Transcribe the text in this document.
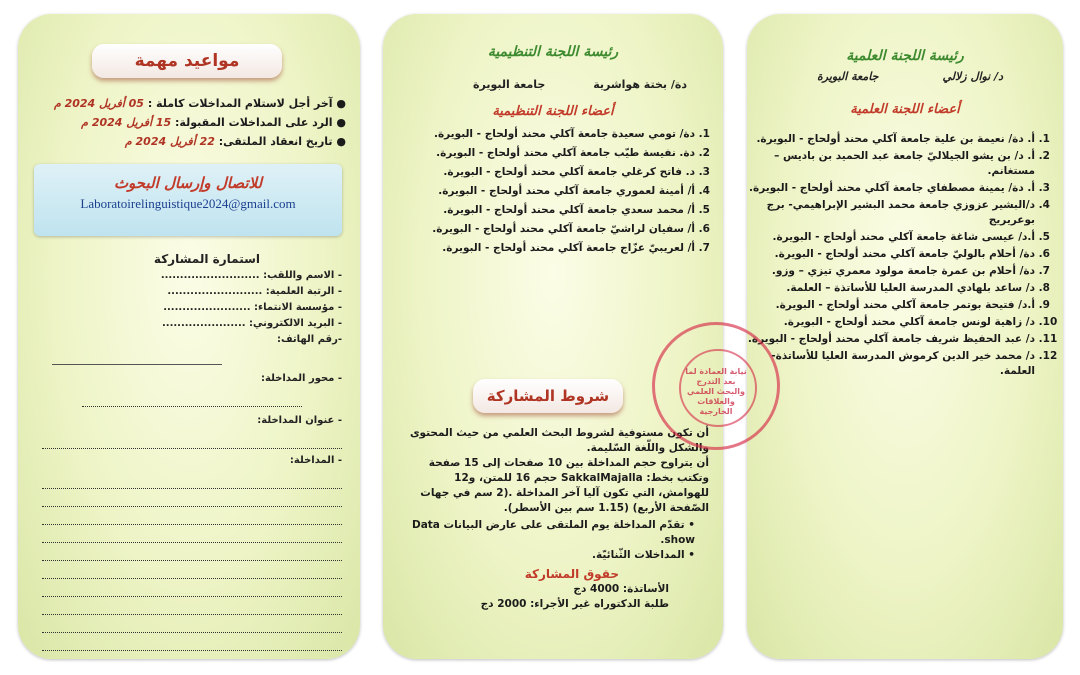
مواعيد مهمة
● آخر أجل لاستلام المداخلات كاملة : 05 أفريل 2024 م
● الرد على المداخلات المقبولة: 15 أفريل 2024 م
● تاريخ انعقاد الملتقى: 22 أفريل 2024 م
للاتصال وإرسال البحوث
Laboratoirelinguistique2024@gmail.com
استمارة المشاركة
- الاسم واللقب: ..........................
- الرتبة العلمية: .........................
- مؤسسة الانتماء: .......................
- البريد الالكتروني: ......................
-رقم الهاتف:
- محور المداخلة:
- عنوان المداخلة:
- المداخلة:
رئيسة اللجنة التنظيمية
دة/ بختة هواشرية
جامعة البويرة
أعضاء اللجنة التنظيمية
1. دة/ تومي سعيدة جامعة آكلي محند أولحاج - البويرة.
2. دة. نفيسة طيّب جامعة آكلي محند أولحاج - البويرة.
3. د. فاتح كرغلي جامعة آكلي محند أولحاج - البويرة.
4. أ/ أمينة لعموري جامعة آكلي محند أولحاج - البويرة.
5. أ/ محمد سعدي جامعة آكلي محند أولحاج - البويرة.
6. أ/ سفيان لراشيّ جامعة آكلي محند أولحاج - البويرة.
7. أ/ لعريبيّ عزّاج جامعة آكلي محند أولحاج - البويرة.
شروط المشاركة
أن تكون مستوفية لشروط البحث العلمي من حيث المحتوى والشكل واللّغة السّليمة.
أن يتراوح حجم المداخلة بين 10 صفحات إلى 15 صفحة وتكتب بخط: SakkalMajalla حجم 16 للمتن، و12 للهوامش، التي تكون آليا آخر المداخلة .(2 سم في جهات الصّفحة الأربع) (1.15 سم بين الأسطر).
• تقدّم المداخلة يوم الملتقى على عارض البيانات Data show.
• المداخلات الثّنائيّة.
حقوق المشاركة
الأساتذة: 4000 دج
طلبة الدكتوراه غير الأجراء: 2000 دج
رئيسة اللجنة العلمية
د/ نوال زلالي
جامعة البويرة
أعضاء اللجنة العلمية
1. أ. دة/ نعيمة بن علية جامعة آكلي محند أولحاج - البويرة.
2. أ. د/ بن يشو الجيلاليّ جامعة عبد الحميد بن باديس – مستغانم.
3. أ. دة/ يمينة مصطفاي جامعة آكلي محند أولحاج - البويرة.
4. د/البشير عزوزي جامعة محمد البشير الإبراهيمي- برج بوعريريج
5. أ.د/ عيسى شاغة جامعة آكلي محند أولحاج - البويرة.
6. دة/ أحلام بالوليّ جامعة آكلي محند أولحاج - البويرة.
7. دة/ أحلام بن عمرة جامعة مولود معمري تيزي – وزو.
8. د/ ساعد بلهادي المدرسة العليا للأساتذة – العلمة.
9. أ.د/ فتيحة بوتمر جامعة آكلي محند أولحاج - البويرة.
10. د/ زاهية لونس جامعة آكلي محند أولحاج - البويرة.
11. د/ عبد الحفيظ شريف جامعة آكلي محند أولحاج - البويرة.
12. د/ محمد خير الدين كرموش المدرسة العليا للأساتذة- العلمة.
نيابة العمادة لما بعد التدرج والبحث العلمي والعلاقات الخارجية
